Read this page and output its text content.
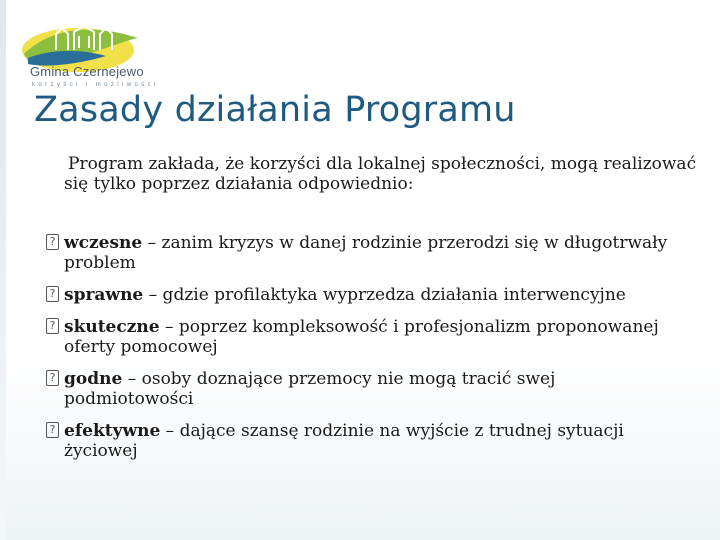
Gmina Czernejewo
korzyści i możliwości
Zasady działania Programu
Program zakłada, że korzyści dla lokalnej społeczności, mogą realizować się tylko poprzez działania odpowiednio:
? wczesne – zanim kryzys w danej rodzinie przerodzi się w długotrwały problem
? sprawne – gdzie profilaktyka wyprzedza działania interwencyjne
? skuteczne – poprzez kompleksowość i profesjonalizm proponowanej oferty pomocowej
? godne – osoby doznające przemocy nie mogą tracić swej podmiotowości
? efektywne – dające szansę rodzinie na wyjście z trudnej sytuacji życiowej
